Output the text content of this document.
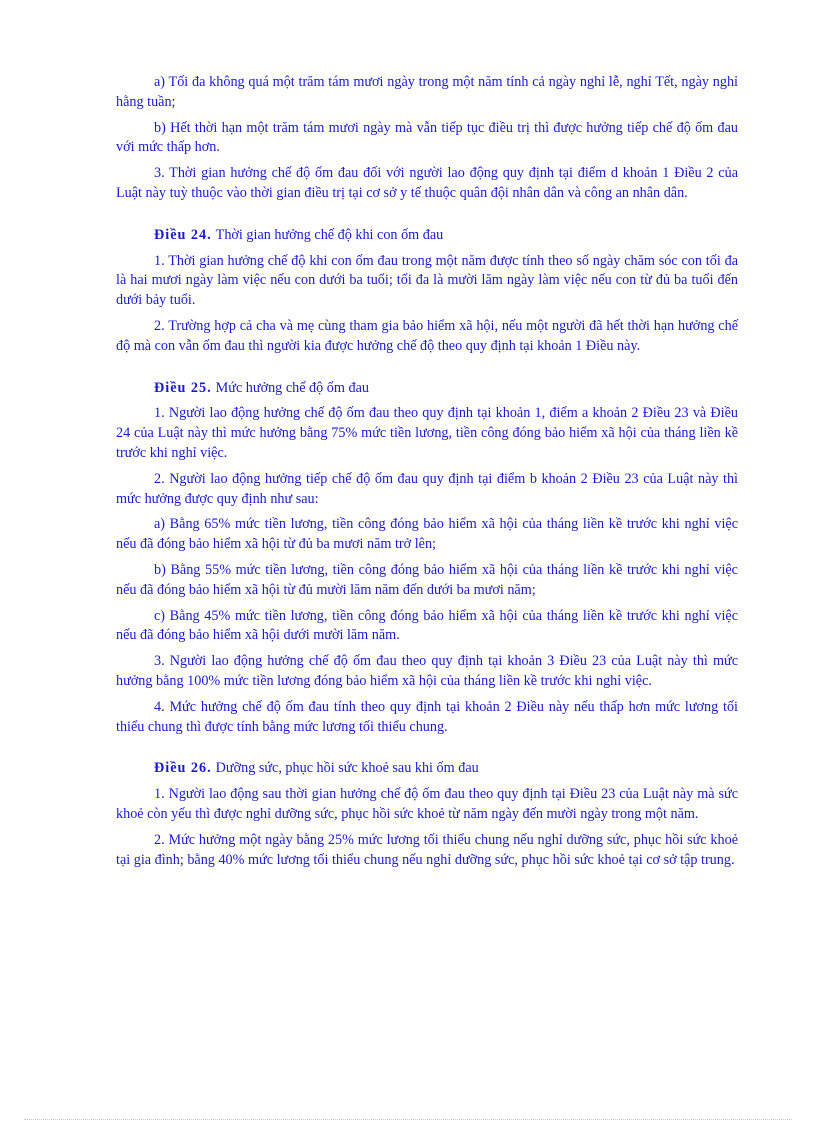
a) Tối đa không quá một trăm tám mươi ngày trong một năm tính cả ngày nghỉ lễ, nghỉ Tết, ngày nghỉ hằng tuần;

b) Hết thời hạn một trăm tám mươi ngày mà vẫn tiếp tục điều trị thì được hưởng tiếp chế độ ốm đau với mức thấp hơn.

3. Thời gian hưởng chế độ ốm đau đối với người lao động quy định tại điểm d khoản 1 Điều 2 của Luật này tuỳ thuộc vào thời gian điều trị tại cơ sở y tế thuộc quân đội nhân dân và công an nhân dân.

Điều 24. Thời gian hưởng chế độ khi con ốm đau

1. Thời gian hưởng chế độ khi con ốm đau trong một năm được tính theo số ngày chăm sóc con tối đa là hai mươi ngày làm việc nếu con dưới ba tuổi; tối đa là mười lăm ngày làm việc nếu con từ đủ ba tuổi đến dưới bảy tuổi.

2. Trường hợp cả cha và mẹ cùng tham gia bảo hiểm xã hội, nếu một người đã hết thời hạn hưởng chế độ mà con vẫn ốm đau thì người kia được hưởng chế độ theo quy định tại khoản 1 Điều này.

Điều 25. Mức hưởng chế độ ốm đau

1. Người lao động hưởng chế độ ốm đau theo quy định tại khoản 1, điểm a khoản 2 Điều 23 và Điều 24 của Luật này thì mức hưởng bằng 75% mức tiền lương, tiền công đóng bảo hiểm xã hội của tháng liền kề trước khi nghỉ việc.

2. Người lao động hưởng tiếp chế độ ốm đau quy định tại điểm b khoản 2 Điều 23 của Luật này thì mức hưởng được quy định như sau:

a) Bằng 65% mức tiền lương, tiền công đóng bảo hiểm xã hội của tháng liền kề trước khi nghỉ việc nếu đã đóng bảo hiểm xã hội từ đủ ba mươi năm trở lên;

b) Bằng 55% mức tiền lương, tiền công đóng bảo hiểm xã hội của tháng liền kề trước khi nghỉ việc nếu đã đóng bảo hiểm xã hội từ đủ mười lăm năm đến dưới ba mươi năm;

c) Bằng 45% mức tiền lương, tiền công đóng bảo hiểm xã hội của tháng liền kề trước khi nghỉ việc nếu đã đóng bảo hiểm xã hội dưới mười lăm năm.

3. Người lao động hưởng chế độ ốm đau theo quy định tại khoản 3 Điều 23 của Luật này thì mức hưởng bằng 100% mức tiền lương đóng bảo hiểm xã hội của tháng liền kề trước khi nghỉ việc.

4. Mức hưởng chế độ ốm đau tính theo quy định tại khoản 2 Điều này nếu thấp hơn mức lương tối thiểu chung thì được tính bằng mức lương tối thiểu chung.

Điều 26. Dưỡng sức, phục hồi sức khoẻ sau khi ốm đau

1. Người lao động sau thời gian hưởng chế độ ốm đau theo quy định tại Điều 23 của Luật này mà sức khoẻ còn yếu thì được nghỉ dưỡng sức, phục hồi sức khoẻ từ năm ngày đến mười ngày trong một năm.

2. Mức hưởng một ngày bằng 25% mức lương tối thiểu chung nếu nghỉ dưỡng sức, phục hồi sức khoẻ tại gia đình; bằng 40% mức lương tối thiểu chung nếu nghỉ dưỡng sức, phục hồi sức khoẻ tại cơ sở tập trung.
